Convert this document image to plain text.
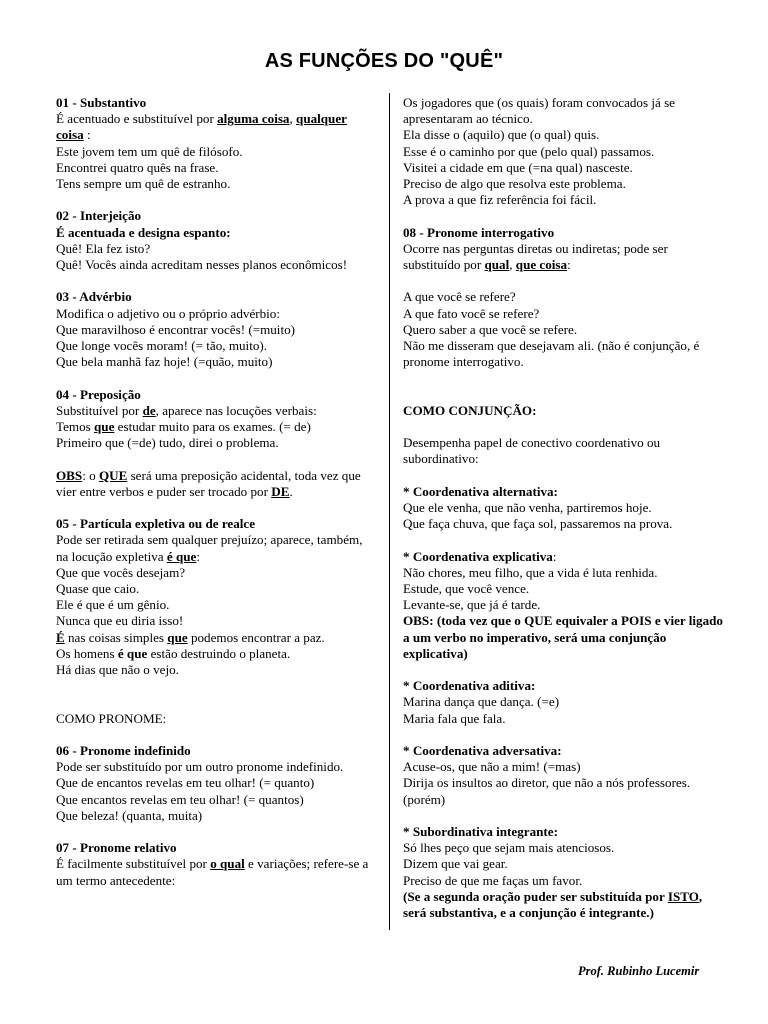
AS FUNÇÕES DO "QUÊ"
01 - Substantivo
É acentuado e substituível por alguma coisa, qualquer coisa :
Este jovem tem um quê de filósofo.
Encontrei quatro quês na frase.
Tens sempre um quê de estranho.
02 - Interjeição
É acentuada e designa espanto:
Quê! Ela fez isto?
Quê! Vocês ainda acreditam nesses planos econômicos!
03 - Advérbio
Modifica o adjetivo ou o próprio advérbio:
Que maravilhoso é encontrar vocês! (=muito)
Que longe vocês moram! (= tão, muito).
Que bela manhã faz hoje! (=quão, muito)
04 - Preposição
Substituível por de, aparece nas locuções verbais:
Temos que estudar muito para os exames. (= de)
Primeiro que (=de) tudo, direi o problema.
OBS: o QUE será uma preposição acidental, toda vez que vier entre verbos e puder ser trocado por DE.
05 - Partícula expletiva ou de realce
Pode ser retirada sem qualquer prejuízo; aparece, também, na locução expletiva é que:
Que que vocês desejam?
Quase que caio.
Ele é que é um gênio.
Nunca que eu diria isso!
É nas coisas simples que podemos encontrar a paz.
Os homens é que estão destruindo o planeta.
Há dias que não o vejo.
COMO PRONOME:
06 - Pronome indefinido
Pode ser substituído por um outro pronome indefinido.
Que de encantos revelas em teu olhar! (= quanto)
Que encantos revelas em teu olhar! (= quantos)
Que beleza! (quanta, muita)
07 - Pronome relativo
É facilmente substituível por o qual e variações; refere-se a um termo antecedente:
Os jogadores que (os quais) foram convocados já se apresentaram ao técnico.
Ela disse o (aquilo) que (o qual) quis.
Esse é o caminho por que (pelo qual) passamos.
Visitei a cidade em que (=na qual) nasceste.
Preciso de algo que resolva este problema.
A prova a que fiz referência foi fácil.
08 - Pronome interrogativo
Ocorre nas perguntas diretas ou indiretas; pode ser substituído por qual, que coisa:
A que você se refere?
A que fato você se refere?
Quero saber a que você se refere.
Não me disseram que desejavam ali. (não é conjunção, é pronome interrogativo.
COMO CONJUNÇÃO:
Desempenha papel de conectivo coordenativo ou subordinativo:
* Coordenativa alternativa:
Que ele venha, que não venha, partiremos hoje.
Que faça chuva, que faça sol, passaremos na prova.
* Coordenativa explicativa:
Não chores, meu filho, que a vida é luta renhida.
Estude, que você vence.
Levante-se, que já é tarde.
OBS: (toda vez que o QUE equivaler a POIS e vier ligado a um verbo no imperativo, será uma conjunção explicativa)
* Coordenativa aditiva:
Marina dança que dança. (=e)
Maria fala que fala.
* Coordenativa adversativa:
Acuse-os, que não a mim! (=mas)
Dirija os insultos ao diretor, que não a nós professores. (porém)
* Subordinativa integrante:
Só lhes peço que sejam mais atenciosos.
Dizem que vai gear.
Preciso de que me faças um favor.
(Se a segunda oração puder ser substituída por ISTO, será substantiva, e a conjunção é integrante.)
Prof. Rubinho Lucemir
